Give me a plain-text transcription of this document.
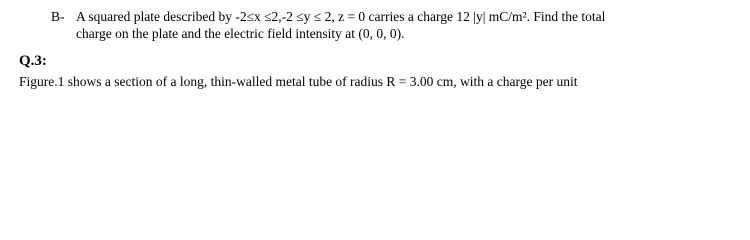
B- A squared plate described by -2≤x ≤2,-2 ≤y ≤ 2, z = 0 carries a charge 12 |y| mC/m². Find the total
charge on the plate and the electric field intensity at (0, 0, 0).
Q.3:
Figure.1 shows a section of a long, thin-walled metal tube of radius R = 3.00 cm, with a charge per unit
